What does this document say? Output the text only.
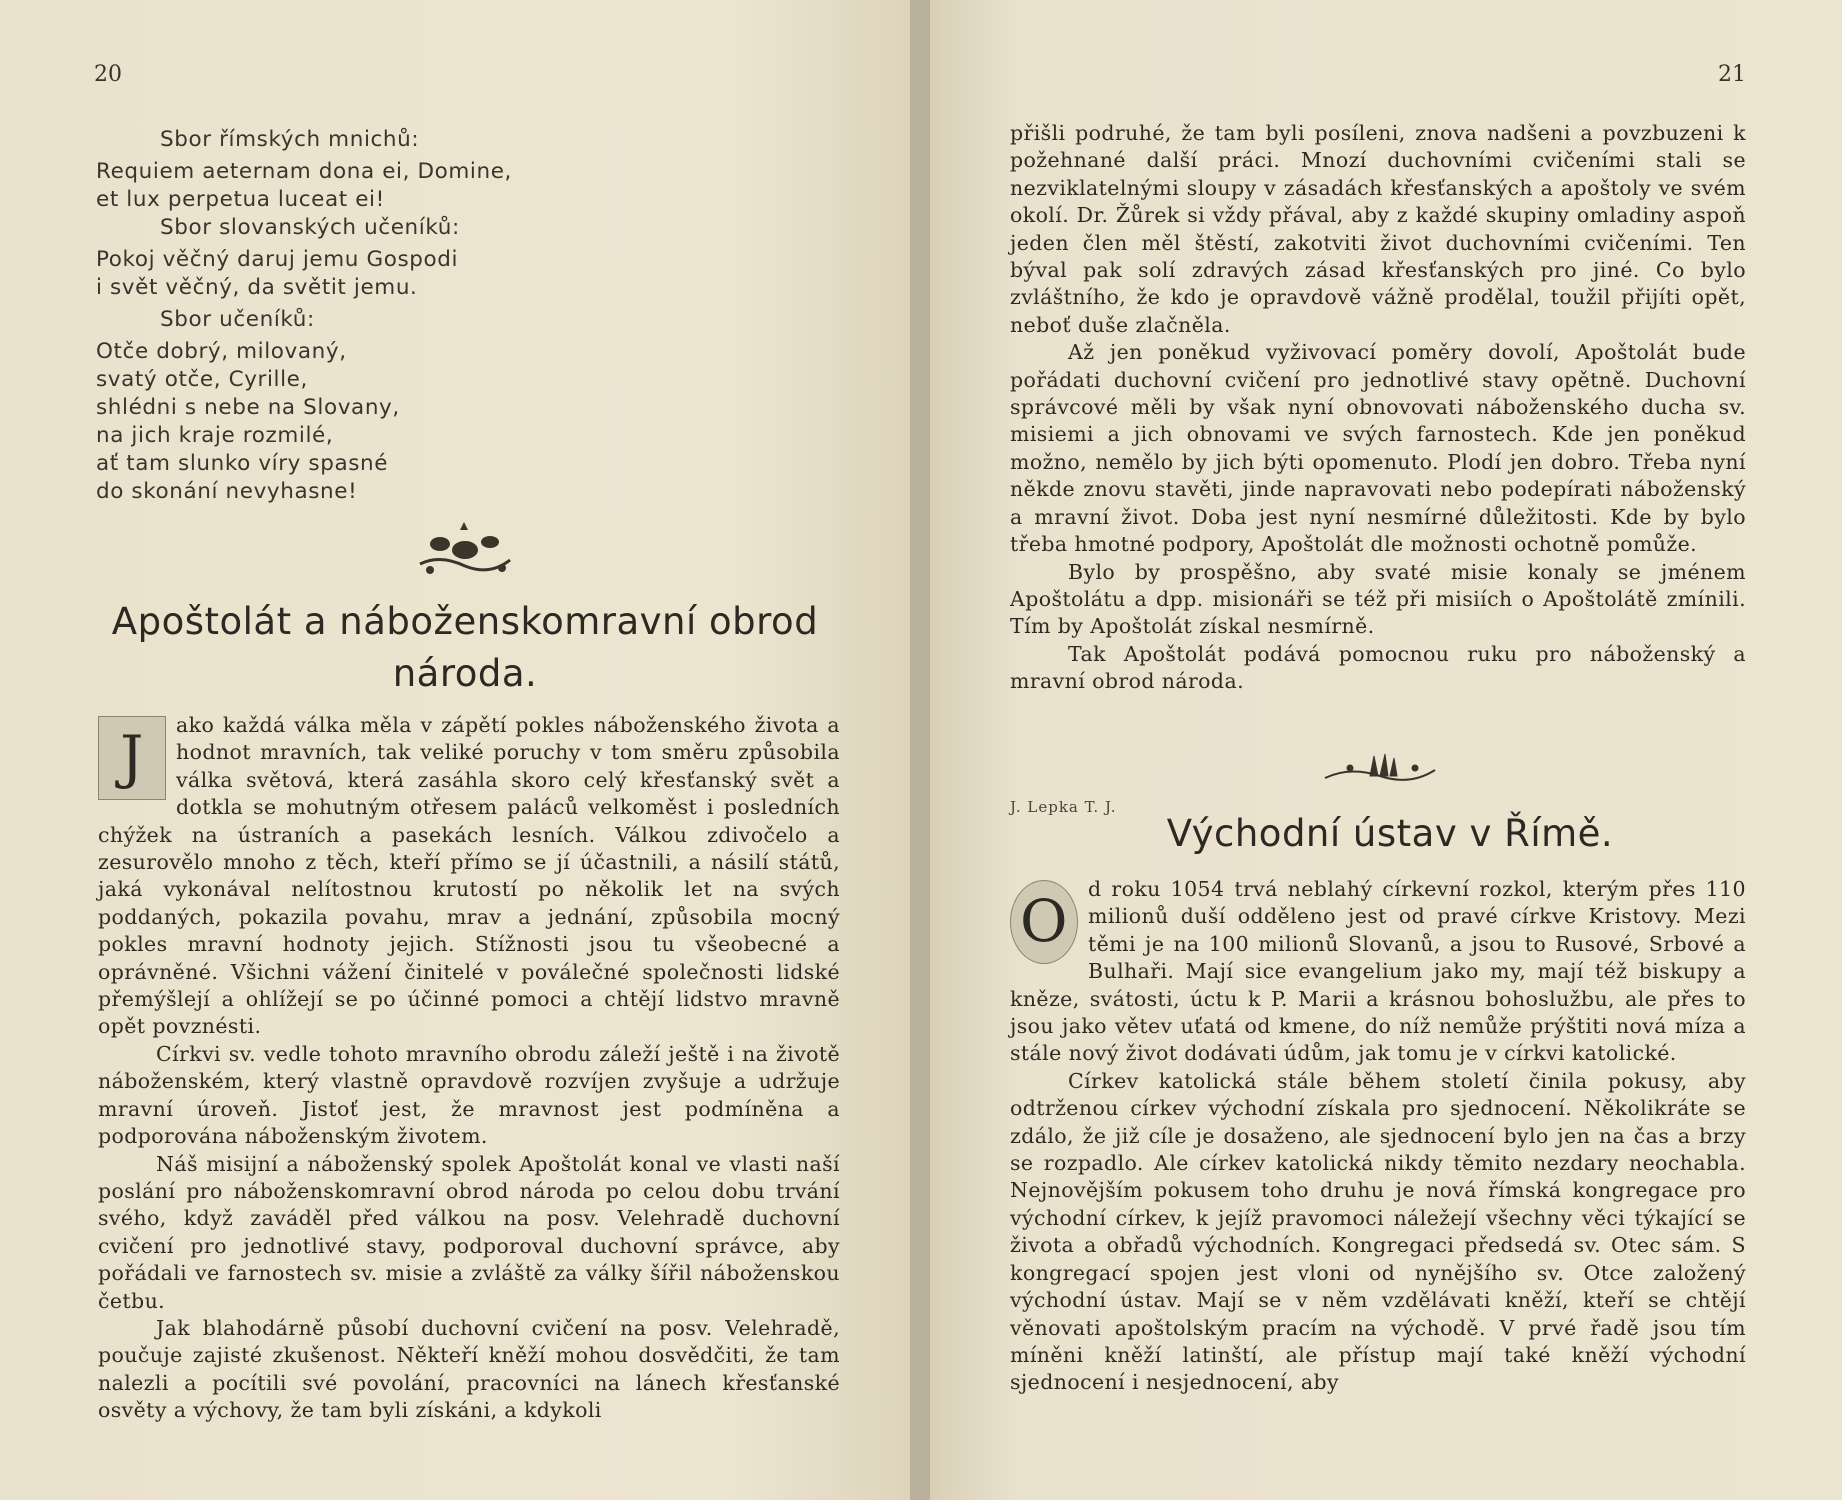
20	21
Sbor římských mnichů:
Requiem aeternam dona ei, Domine,
et lux perpetua luceat ei!
Sbor slovanských učeníků:
Pokoj věčný daruj jemu Gospodi
i svět věčný, da světit jemu.
Sbor učeníků:
Otče dobrý, milovaný,
svatý otče, Cyrille,
shlédni s nebe na Slovany,
na jich kraje rozmilé,
ať tam slunko víry spasné
do skonání nevyhasne!
Apoštolát a náboženskomravní obrod
národa.

J	ako každá válka měla v zápětí pokles náboženského života a hodnot mravních, tak veliké poruchy v tom směru způsobila válka světová, která zasáhla skoro celý křesťanský svět a dotkla se mohutným otřesem paláců velkoměst i posledních chýžek na ústraních a pasekách lesních. Válkou zdivočelo a zesurovělo mnoho z těch, kteří přímo se jí účastnili, a násilí států, jaká vykonával nelítostnou krutostí po několik let na svých poddaných, pokazila povahu, mrav a jednání, způsobila mocný pokles mravní hodnoty jejich. Stížnosti jsou tu všeobecné a oprávněné. Všichni vážení činitelé v poválečné společnosti lidské přemýšlejí a ohlížejí se po účinné pomoci a chtějí lidstvo mravně opět povznésti.

Církvi sv. vedle tohoto mravního obrodu záleží ještě i na životě náboženském, který vlastně opravdově rozvíjen zvyšuje a udržuje mravní úroveň. Jistoť jest, že mravnost jest podmíněna a podporována náboženským životem.

Náš misijní a náboženský spolek Apoštolát konal ve vlasti naší poslání pro náboženskomravní obrod národa po celou dobu trvání svého, když zaváděl před válkou na posv. Velehradě duchovní cvičení pro jednotlivé stavy, podporoval duchovní správce, aby pořádali ve farnostech sv. misie a zvláště za války šířil náboženskou četbu.

Jak blahodárně působí duchovní cvičení na posv. Velehradě, poučuje zajisté zkušenost. Někteří kněží mohou dosvědčiti, že tam nalezli a pocítili své povolání, pracovníci na lánech křesťanské osvěty a výchovy, že tam byli získáni, a kdykoli

přišli podruhé, že tam byli posíleni, znova nadšeni a povzbuzeni k požehnané další práci. Mnozí duchovními cvičeními stali se nezviklatelnými sloupy v zásadách křesťanských a apoštoly ve svém okolí. Dr. Žůrek si vždy přával, aby z každé skupiny omladiny aspoň jeden člen měl štěstí, zakotviti život duchovními cvičeními. Ten býval pak solí zdravých zásad křesťanských pro jiné. Co bylo zvláštního, že kdo je opravdově vážně prodělal, toužil přijíti opět, neboť duše zlačněla.

Až jen poněkud vyživovací poměry dovolí, Apoštolát bude pořádati duchovní cvičení pro jednotlivé stavy opětně. Duchovní správcové měli by však nyní obnovovati náboženského ducha sv. misiemi a jich obnovami ve svých farnostech. Kde jen poněkud možno, nemělo by jich býti opomenuto. Plodí jen dobro. Třeba nyní někde znovu stavěti, jinde napravovati nebo podepírati náboženský a mravní život. Doba jest nyní nesmírné důležitosti. Kde by bylo třeba hmotné podpory, Apoštolát dle možnosti ochotně pomůže.

Bylo by prospěšno, aby svaté misie konaly se jménem Apoštolátu a dpp. misionáři se též při misiích o Apoštolátě zmínili. Tím by Apoštolát získal nesmírně.

Tak Apoštolát podává pomocnou ruku pro náboženský a mravní obrod národa.

J. Lepka T. J.
Východní ústav v Římě.

O d roku 1054 trvá neblahý církevní rozkol, kterým přes 110 milionů duší odděleno jest od pravé církve Kristovy. Mezi těmi je na 100 milionů Slovanů, a jsou to Rusové, Srbové a Bulhaři. Mají sice evangelium jako my, mají též biskupy a kněze, svátosti, úctu k P. Marii a krásnou bohoslužbu, ale přes to jsou jako větev uťatá od kmene, do níž nemůže prýštiti nová míza a stále nový život dodávati údům, jak tomu je v církvi katolické.

Církev katolická stále během století činila pokusy, aby odtrženou církev východní získala pro sjednocení. Několikráte se zdálo, že již cíle je dosaženo, ale sjednocení bylo jen na čas a brzy se rozpadlo. Ale církev katolická nikdy těmito nezdary neochabla. Nejnovějším pokusem toho druhu je nová římská kongregace pro východní církev, k jejíž pravomoci náležejí všechny věci týkající se života a obřadů východních. Kongregaci předsedá sv. Otec sám. S kongregací spojen jest vloni od nynějšího sv. Otce založený východní ústav. Mají se v něm vzdělávati kněží, kteří se chtějí věnovati apoštolským pracím na východě. V prvé řadě jsou tím míněni kněží latinští, ale přístup mají také kněží východní sjednocení i nesjednocení, aby
